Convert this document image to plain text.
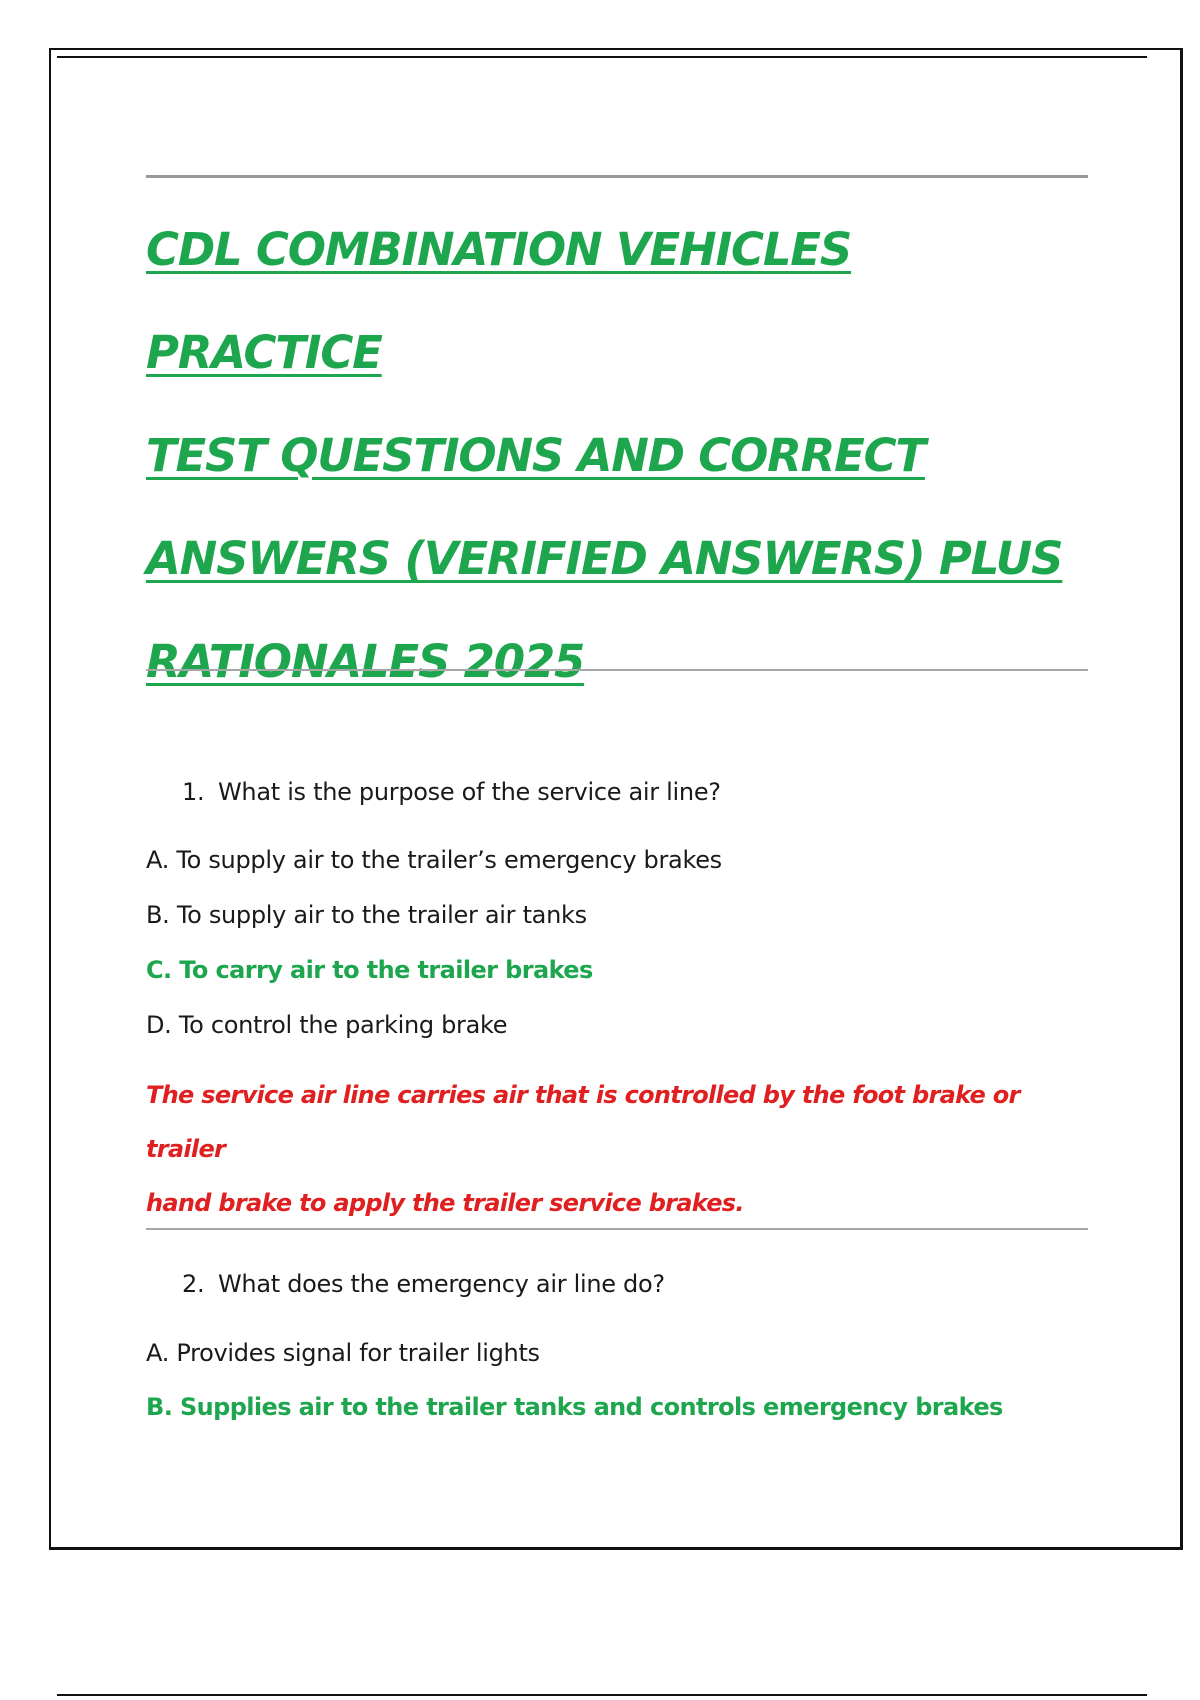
CDL COMBINATION VEHICLES PRACTICE
TEST QUESTIONS AND CORRECT
ANSWERS (VERIFIED ANSWERS) PLUS
RATIONALES 2025
1. What is the purpose of the service air line?
A. To supply air to the trailer’s emergency brakes
B. To supply air to the trailer air tanks
C. To carry air to the trailer brakes
D. To control the parking brake

The service air line carries air that is controlled by the foot brake or trailer
hand brake to apply the trailer service brakes.

2. What does the emergency air line do?
A. Provides signal for trailer lights
B. Supplies air to the trailer tanks and controls emergency brakes
